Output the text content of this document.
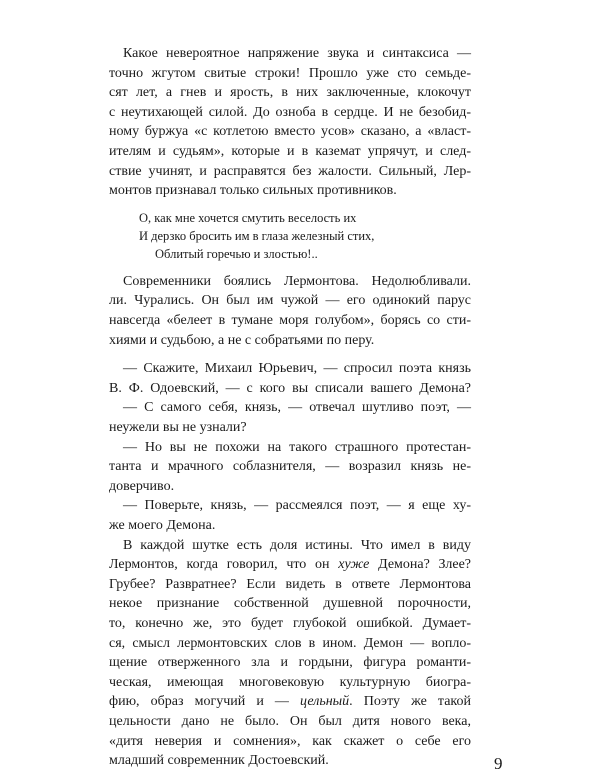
Какое невероятное напряжение звука и синтаксиса —
точно жгутом свитые строки! Прошло уже сто семьде-
сят лет, а гнев и ярость, в них заключенные, клокочут
с неутихающей силой. До озноба в сердце. И не безобид-
ному буржуа «с котлетою вместо усов» сказано, а «власт-
ителям и судьям», которые и в каземат упрячут, и след-
ствие учинят, и расправятся без жалости. Сильный, Лер-
монтов признавал только сильных противников.
О, как мне хочется смутить веселость их
И дерзко бросить им в глаза железный стих,
Облитый горечью и злостью!..
Современники боялись Лермонтова. Недолюбливали.
ли. Чурались. Он был им чужой — его одинокий парус
навсегда «белеет в тумане моря голубом», борясь со сти-
хиями и судьбою, а не с собратьями по перу.
— Скажите, Михаил Юрьевич, — спросил поэта князь
В. Ф. Одоевский, — с кого вы списали вашего Демона?
— С самого себя, князь, — отвечал шутливо поэт, —
неужели вы не узнали?
— Но вы не похожи на такого страшного протестан-
танта и мрачного соблазнителя, — возразил князь не-
доверчиво.
— Поверьте, князь, — рассмеялся поэт, — я еще ху-
же моего Демона.
В каждой шутке есть доля истины. Что имел в виду
Лермонтов, когда говорил, что он хуже Демона? Злее?
Грубее? Развратнее? Если видеть в ответе Лермонтова
некое признание собственной душевной порочности,
то, конечно же, это будет глубокой ошибкой. Думает-
ся, смысл лермонтовских слов в ином. Демон — вопло-
щение отверженного зла и гордыни, фигура романти-
ческая, имеющая многовековую культурную биогра-
фию, образ могучий и — цельный. Поэту же такой
цельности дано не было. Он был дитя нового века,
«дитя неверия и сомнения», как скажет о себе его
младший современник Достоевский.	9
